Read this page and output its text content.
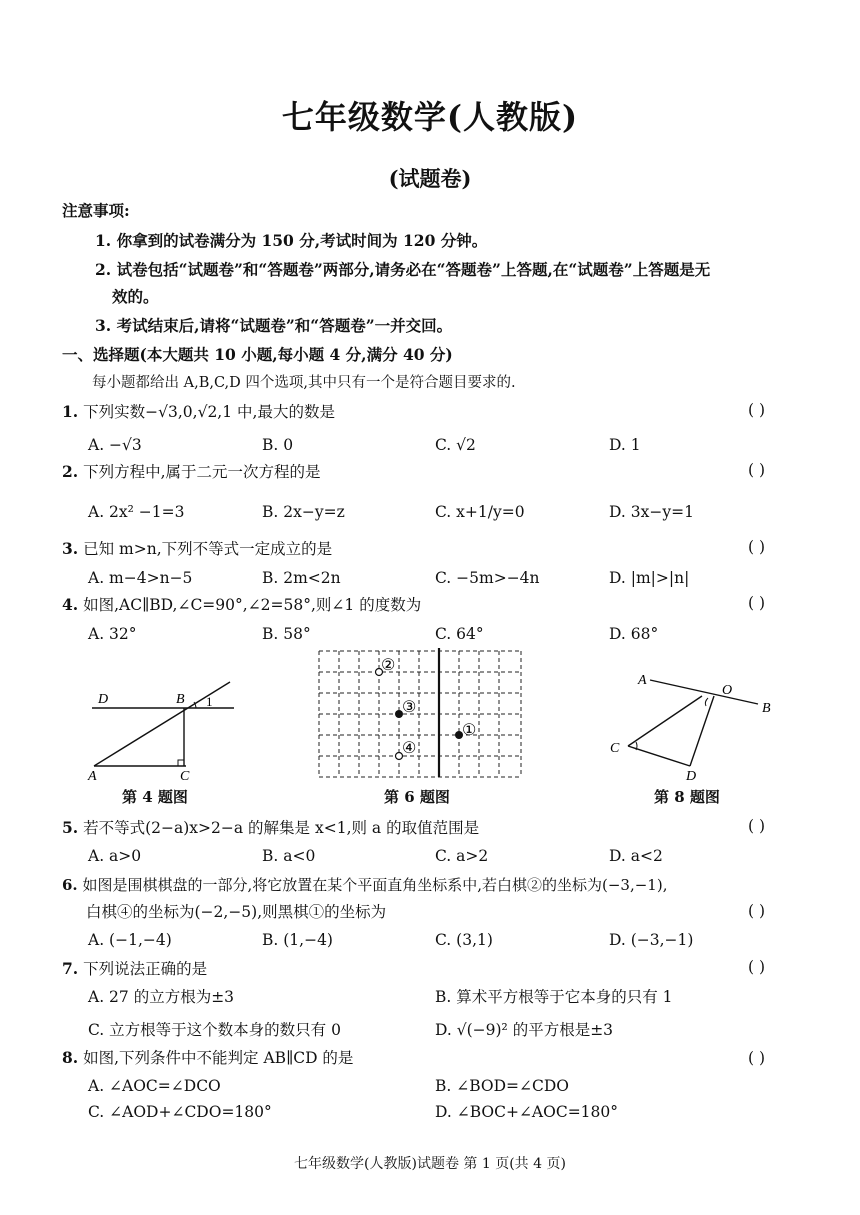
七年级数学(人教版)
(试题卷)
注意事项:
1. 你拿到的试卷满分为 150 分,考试时间为 120 分钟。
2. 试卷包括“试题卷”和“答题卷”两部分,请务必在“答题卷”上答题,在“试题卷”上答题是无
效的。
3. 考试结束后,请将“试题卷”和“答题卷”一并交回。
一、选择题(本大题共 10 小题,每小题 4 分,满分 40 分)
每小题都给出 A,B,C,D 四个选项,其中只有一个是符合题目要求的.
1. 下列实数−√3,0,√2,1 中,最大的数是	( )
A. −√3	B. 0	C. √2	D. 1
2. 下列方程中,属于二元一次方程的是	( )
A. 2x² −1=3	B. 2x−y=z	C. x+1/y=0	D. 3x−y=1
3. 已知 m>n,下列不等式一定成立的是	( )
A. m−4>n−5	B. 2m<2n	C. −5m>−4n	D. |m|>|n|
4. 如图,AC∥BD,∠C=90°,∠2=58°,则∠1 的度数为	( )
A. 32°	B. 58°	C. 64°	D. 68°
D	B 1
A	C
第 4 题图
②
③
①
④
第 6 题图
A
O
B
C
D
第 8 题图
5. 若不等式(2−a)x>2−a 的解集是 x<1,则 a 的取值范围是	( )
A. a>0	B. a<0	C. a>2	D. a<2
6. 如图是围棋棋盘的一部分,将它放置在某个平面直角坐标系中,若白棋②的坐标为(−3,−1),
白棋④的坐标为(−2,−5),则黑棋①的坐标为	( )
A. (−1,−4)	B. (1,−4)	C. (3,1)	D. (−3,−1)
7. 下列说法正确的是	( )
A. 27 的立方根为±3	B. 算术平方根等于它本身的只有 1
C. 立方根等于这个数本身的数只有 0	D. √(−9)² 的平方根是±3
8. 如图,下列条件中不能判定 AB∥CD 的是	( )
A. ∠AOC=∠DCO	B. ∠BOD=∠CDO
C. ∠AOD+∠CDO=180°	D. ∠BOC+∠AOC=180°
七年级数学(人教版)试题卷 第 1 页(共 4 页)
